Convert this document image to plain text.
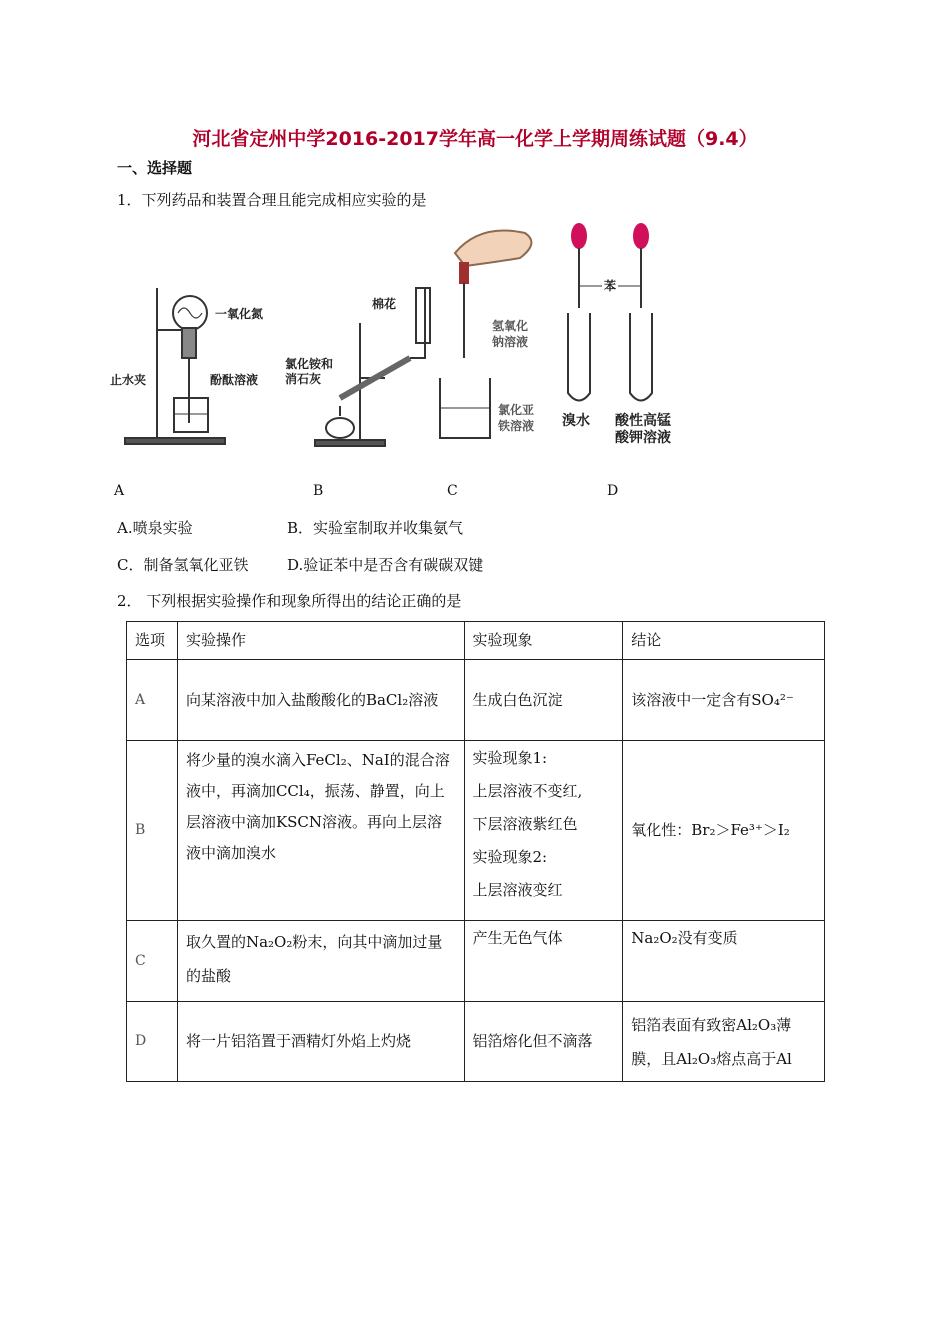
河北省定州中学2016-2017学年高一化学上学期周练试题（9.4）
一、选择题
1．下列药品和装置合理且能完成相应实验的是
一氧化氮
止水夹	酚酞溶液
棉花
氯化铵和
消石灰
氢氧化
钠溶液
氯化亚
铁溶液
苯
溴水 酸性高锰
酸钾溶液
A	B	C	D
A.喷泉实验	B．实验室制取并收集氨气
C．制备氢氧化亚铁	D.验证苯中是否含有碳碳双键
2． 下列根据实验操作和现象所得出的结论正确的是
选项	实验操作	实验现象	结论
A	向某溶液中加入盐酸酸化的BaCl₂溶液	生成白色沉淀	该溶液中一定含有SO₄²⁻
B	将少量的溴水滴入FeCl₂、NaI的混合溶液中，再滴加CCl₄，振荡、静置，向上层溶液中滴加KSCN溶液。再向上层溶液中滴加溴水	实验现象1:
上层溶液不变红,
下层溶液紫红色
实验现象2:
上层溶液变红	氧化性：Br₂＞Fe³⁺＞I₂
C	取久置的Na₂O₂粉末，向其中滴加过量的盐酸	产生无色气体	Na₂O₂没有变质
D	将一片铝箔置于酒精灯外焰上灼烧	铝箔熔化但不滴落	铝箔表面有致密Al₂O₃薄膜，且Al₂O₃熔点高于Al
